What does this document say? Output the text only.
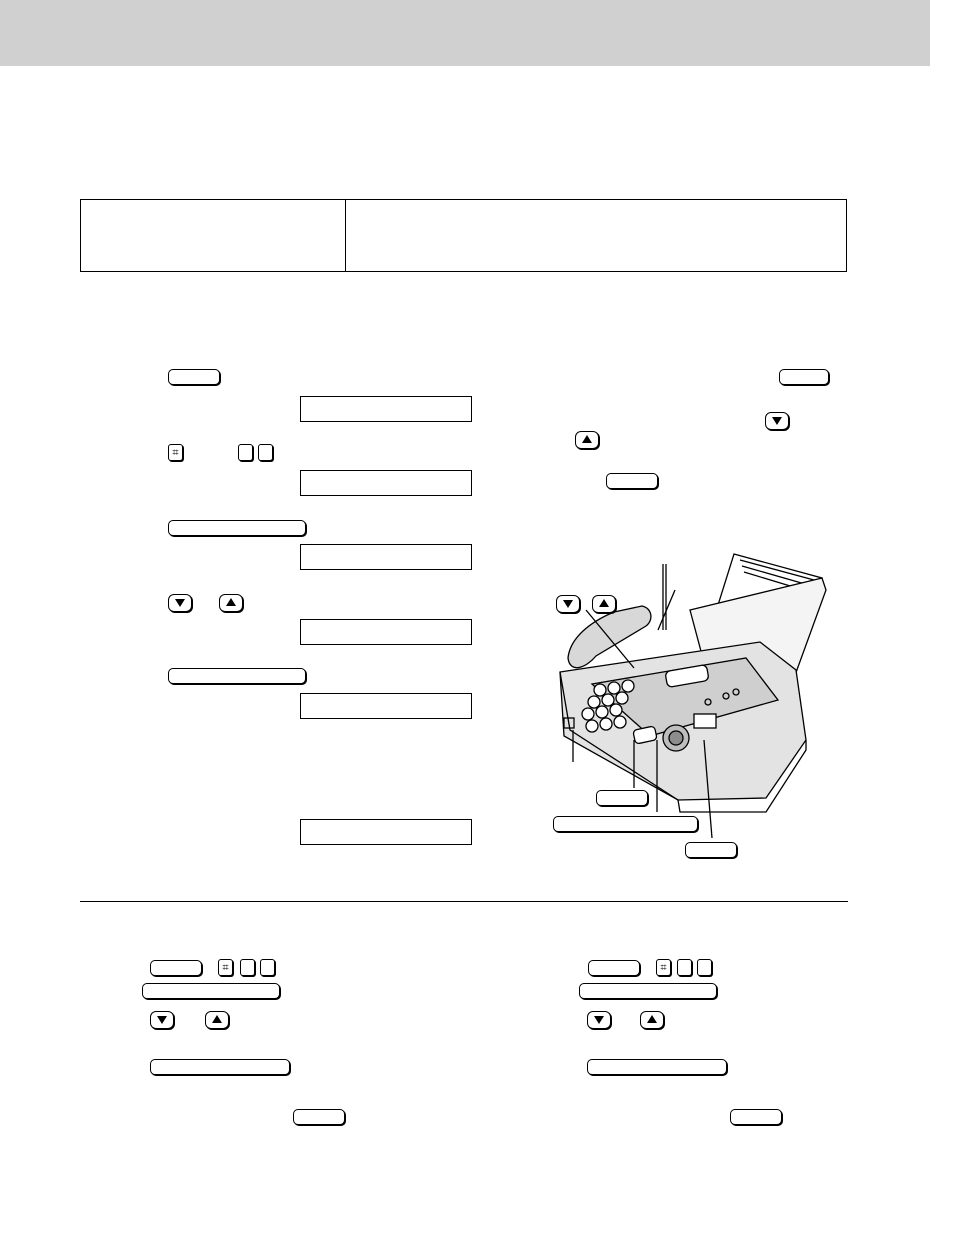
⌗
⌗	⌗
